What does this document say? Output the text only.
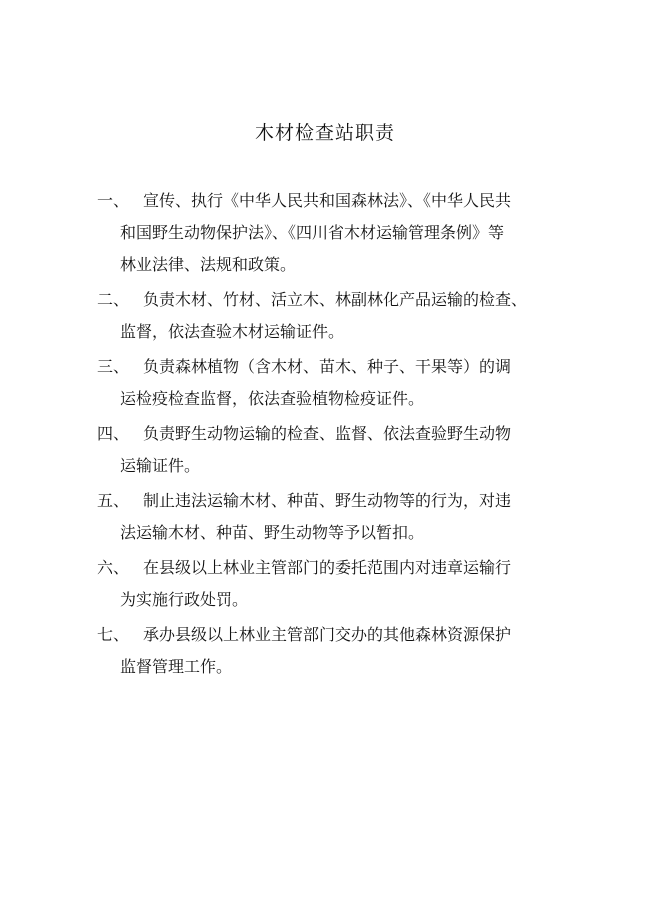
木材检查站职责
一、 宣传、执行《中华人民共和国森林法》、《中华人民共
和国野生动物保护法》、《四川省木材运输管理条例》等
林业法律、法规和政策。
二、 负责木材、竹材、活立木、林副林化产品运输的检查、
监督，依法查验木材运输证件。
三、 负责森林植物（含木材、苗木、种子、干果等）的调
运检疫检查监督，依法查验植物检疫证件。
四、 负责野生动物运输的检查、监督、依法查验野生动物
运输证件。
五、 制止违法运输木材、种苗、野生动物等的行为，对违
法运输木材、种苗、野生动物等予以暂扣。
六、 在县级以上林业主管部门的委托范围内对违章运输行
为实施行政处罚。
七、 承办县级以上林业主管部门交办的其他森林资源保护
监督管理工作。
